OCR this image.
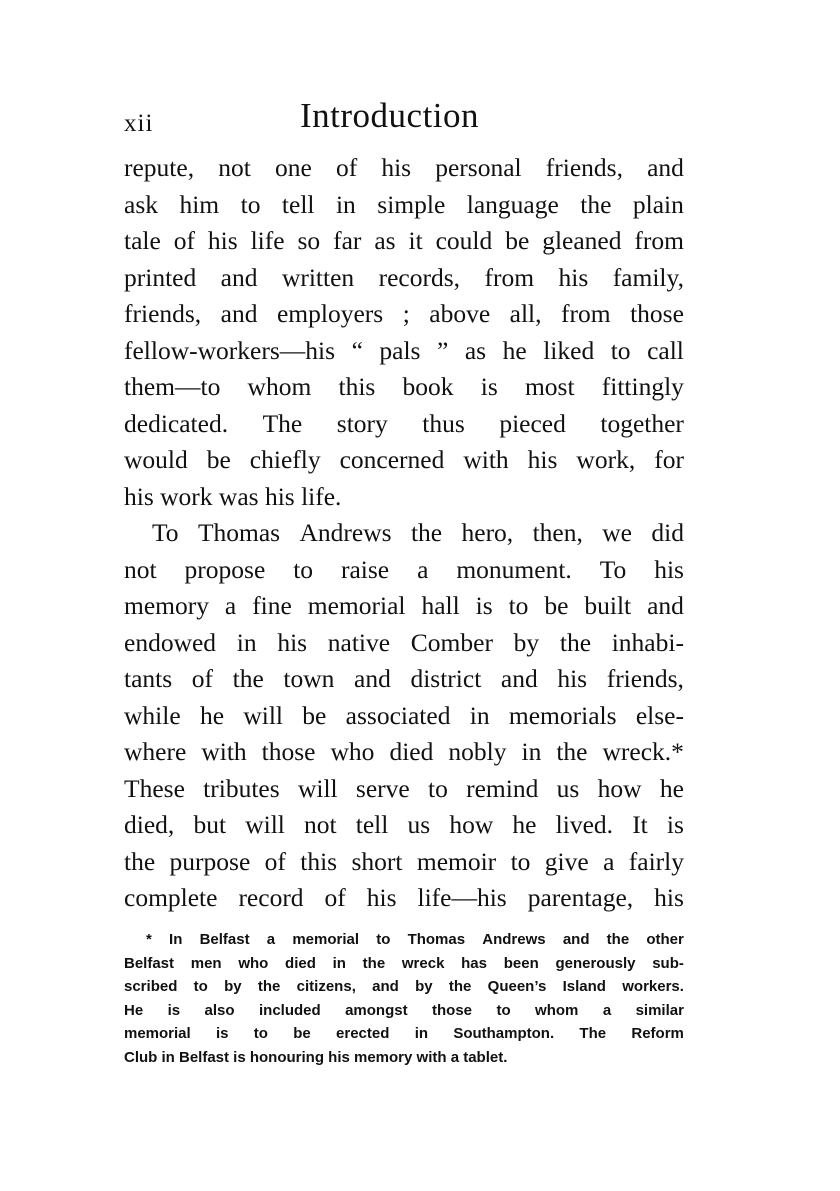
xii	Introduction
repute, not one of his personal friends, and
ask him to tell in simple language the plain
tale of his life so far as it could be gleaned from
printed and written records, from his family,
friends, and employers ; above all, from those
fellow-workers—his “ pals ” as he liked to call
them—to whom this book is most fittingly
dedicated. The story thus pieced together
would be chiefly concerned with his work, for
his work was his life.
To Thomas Andrews the hero, then, we did
not propose to raise a monument. To his
memory a fine memorial hall is to be built and
endowed in his native Comber by the inhabi-
tants of the town and district and his friends,
while he will be associated in memorials else-
where with those who died nobly in the wreck.*
These tributes will serve to remind us how he
died, but will not tell us how he lived. It is
the purpose of this short memoir to give a fairly
complete record of his life—his parentage, his
* In Belfast a memorial to Thomas Andrews and the other
Belfast men who died in the wreck has been generously sub-
scribed to by the citizens, and by the Queen’s Island workers.
He is also included amongst those to whom a similar
memorial is to be erected in Southampton. The Reform
Club in Belfast is honouring his memory with a tablet.
